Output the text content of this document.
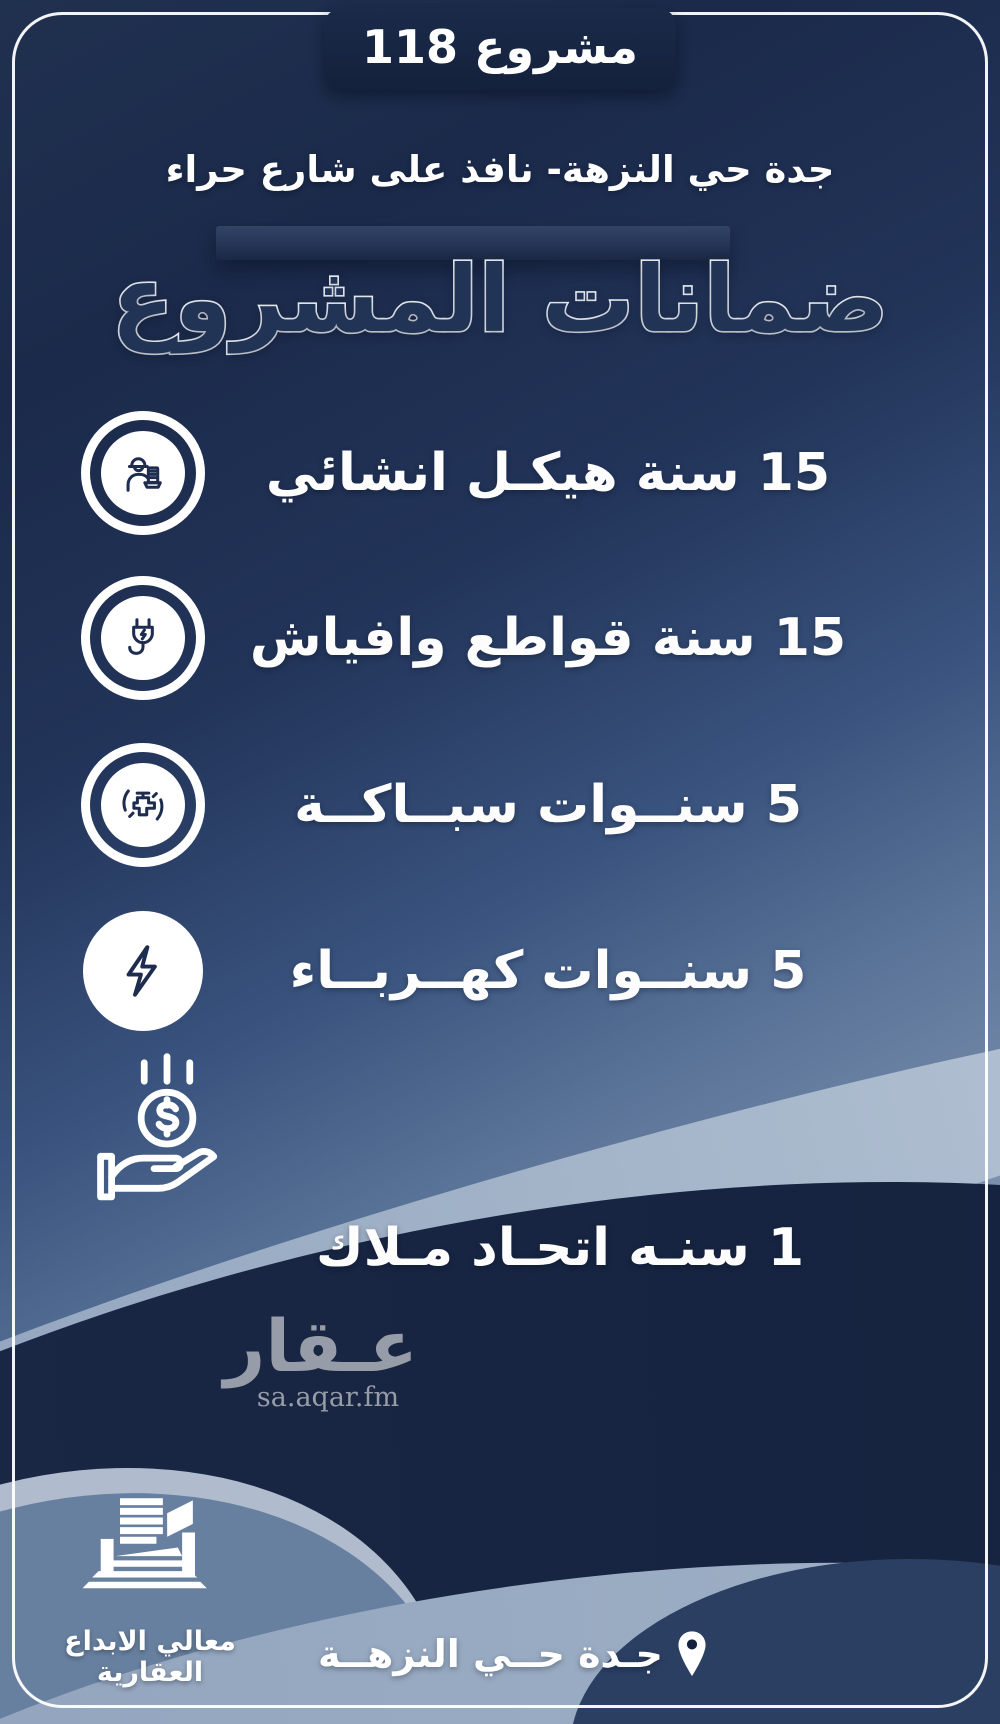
مشروع 118
جدة حي النزهة- نافذ على شارع حراء
ضمانات المشروع
15 سنة هيكـل انشائي
15 سنة قواطع وافياش
5 سنــوات سبــاكــة
5 سنــوات كهــربــاء
1 سنـه اتحـاد مـلاك
عـقار
sa.aqar.fm
معالي الابداع العقارية	جـدة حــي النزهــة
